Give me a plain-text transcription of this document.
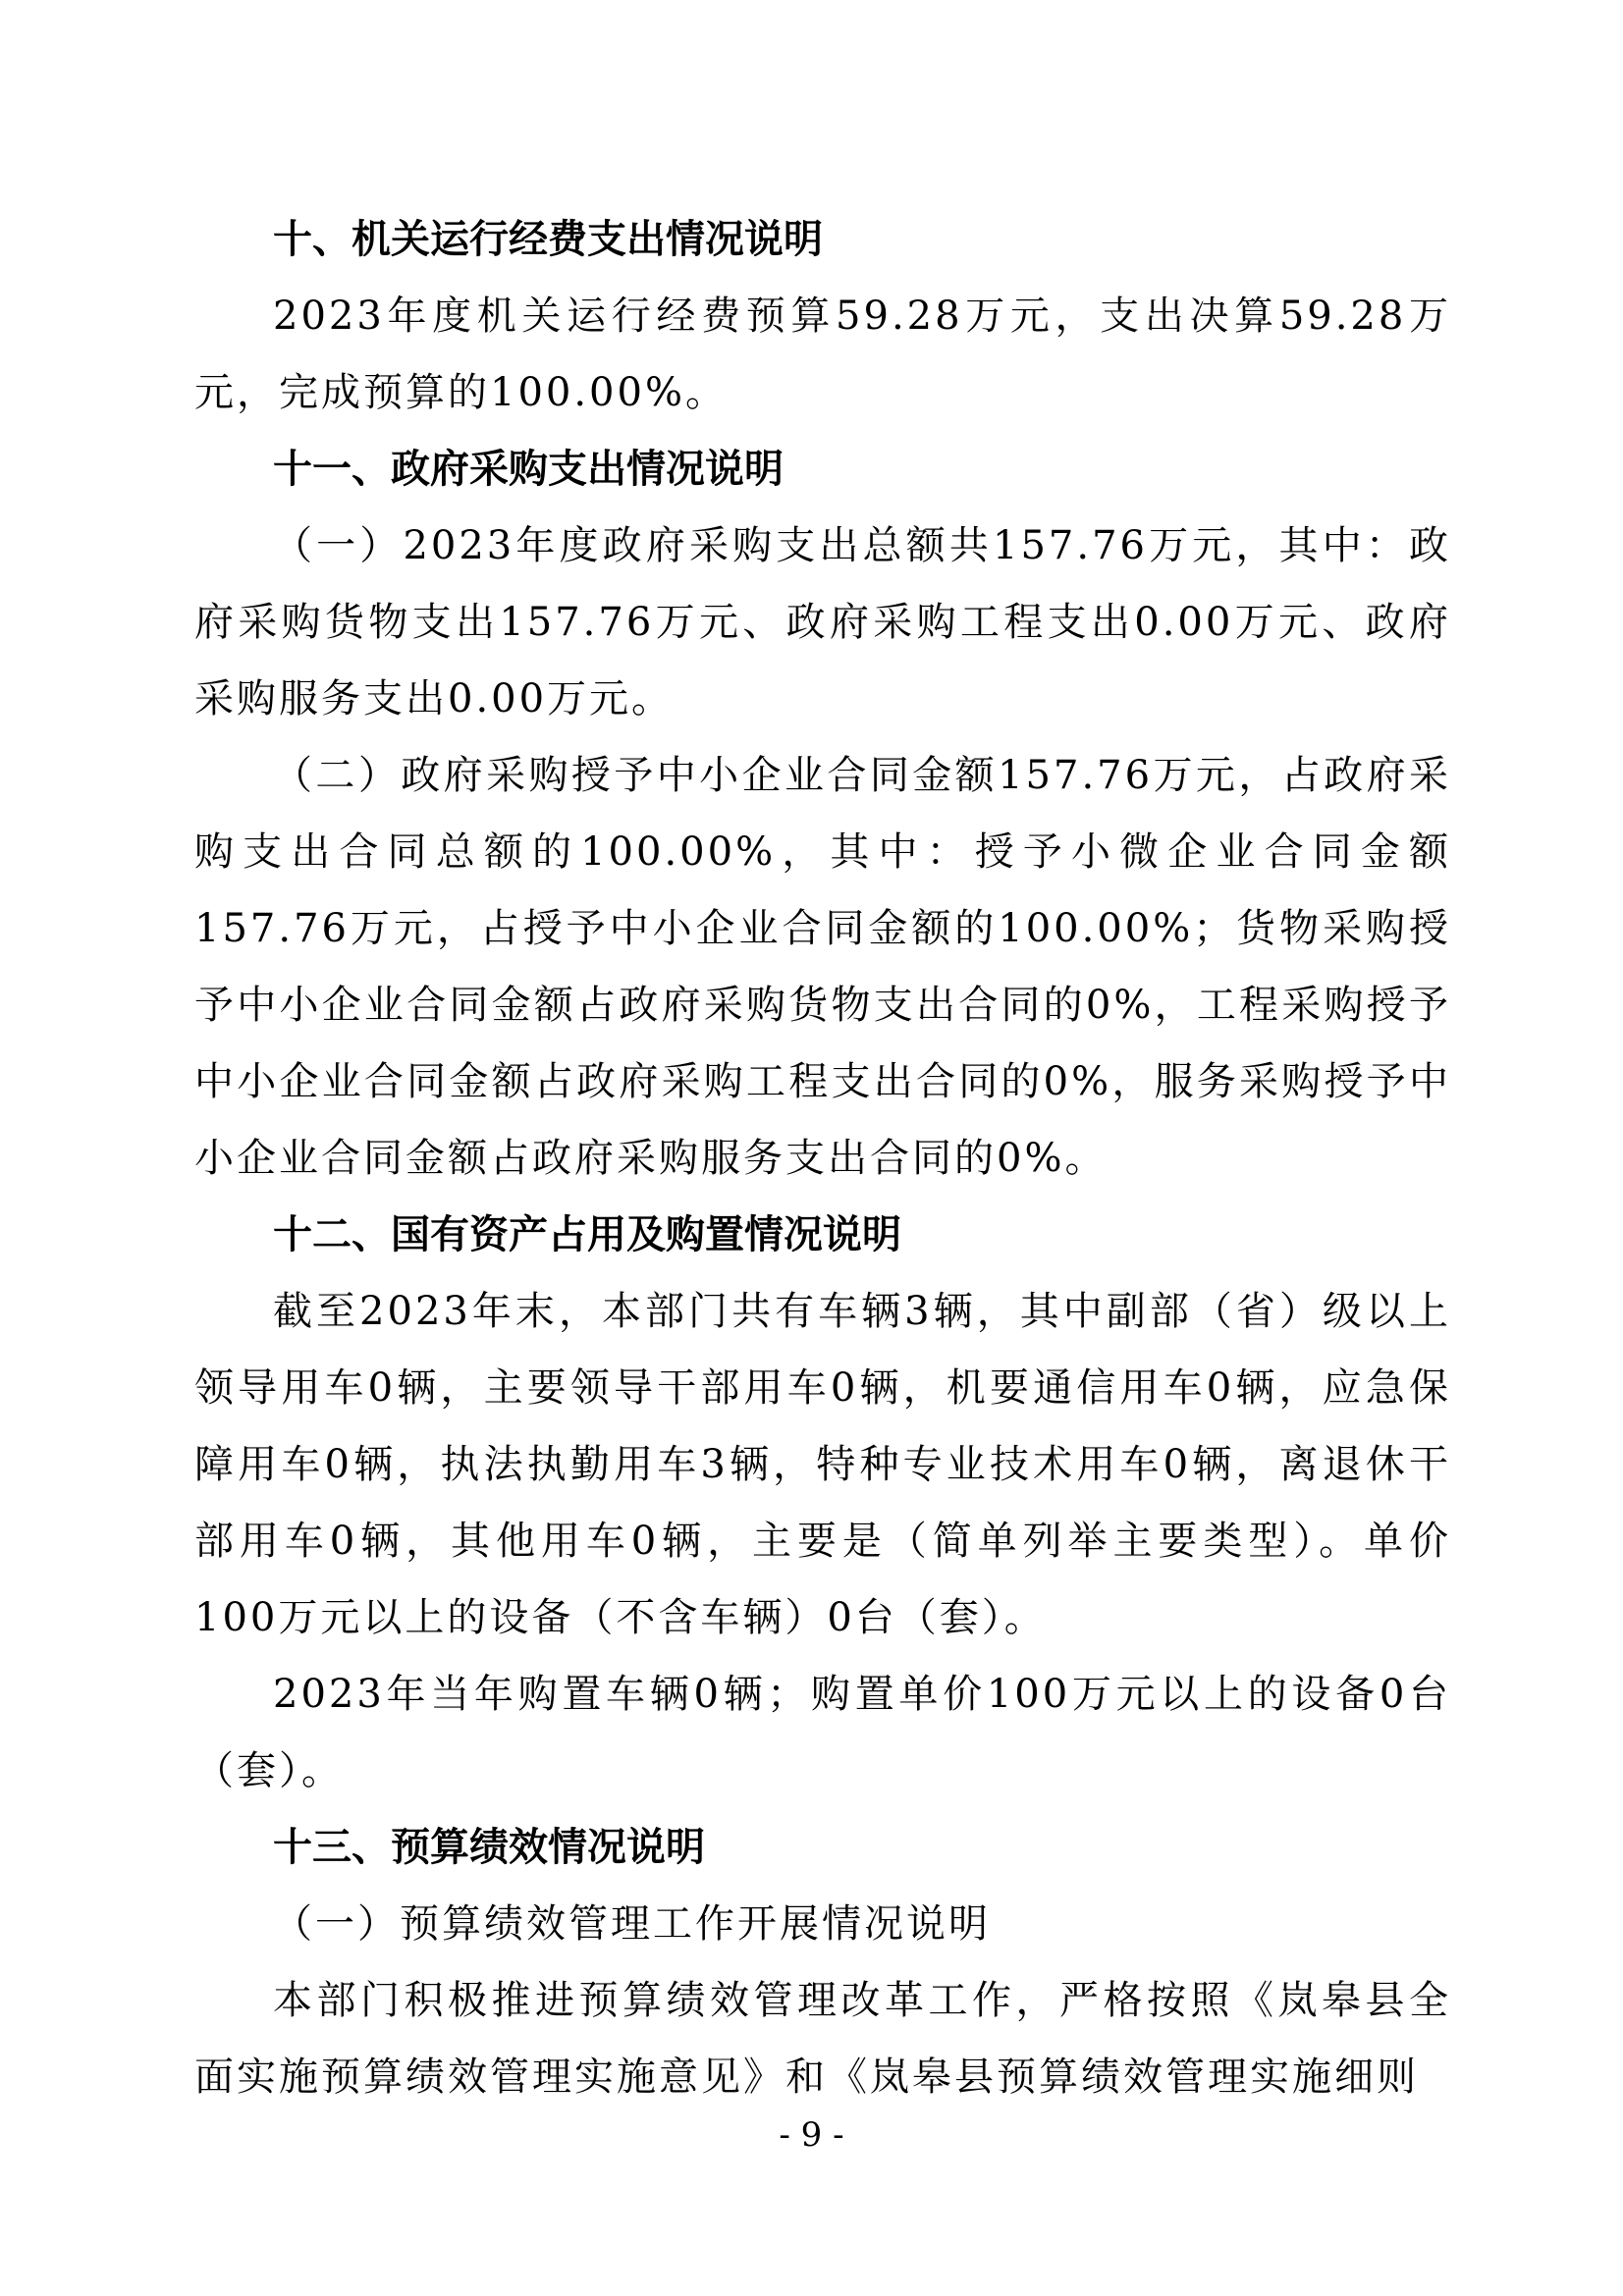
十、机关运行经费支出情况说明

2023年度机关运行经费预算59.28万元，支出决算59.28万元，完成预算的100.00%。

十一、政府采购支出情况说明

（一）2023年度政府采购支出总额共157.76万元，其中：政府采购货物支出157.76万元、政府采购工程支出0.00万元、政府采购服务支出0.00万元。

（二）政府采购授予中小企业合同金额157.76万元，占政府采购支出合同总额的100.00%，其中：授予小微企业合同金额157.76万元，占授予中小企业合同金额的100.00%；货物采购授予中小企业合同金额占政府采购货物支出合同的0%，工程采购授予中小企业合同金额占政府采购工程支出合同的0%，服务采购授予中小企业合同金额占政府采购服务支出合同的0%。

十二、国有资产占用及购置情况说明

截至2023年末，本部门共有车辆3辆，其中副部（省）级以上领导用车0辆，主要领导干部用车0辆，机要通信用车0辆，应急保障用车0辆，执法执勤用车3辆，特种专业技术用车0辆，离退休干部用车0辆，其他用车0辆，主要是（简单列举主要类型）。单价100万元以上的设备（不含车辆）0台（套）。

2023年当年购置车辆0辆；购置单价100万元以上的设备0台（套）。

十三、预算绩效情况说明

（一）预算绩效管理工作开展情况说明

本部门积极推进预算绩效管理改革工作，严格按照《岚皋县全面实施预算绩效管理实施意见》和《岚皋县预算绩效管理实施细则

- 9 -
